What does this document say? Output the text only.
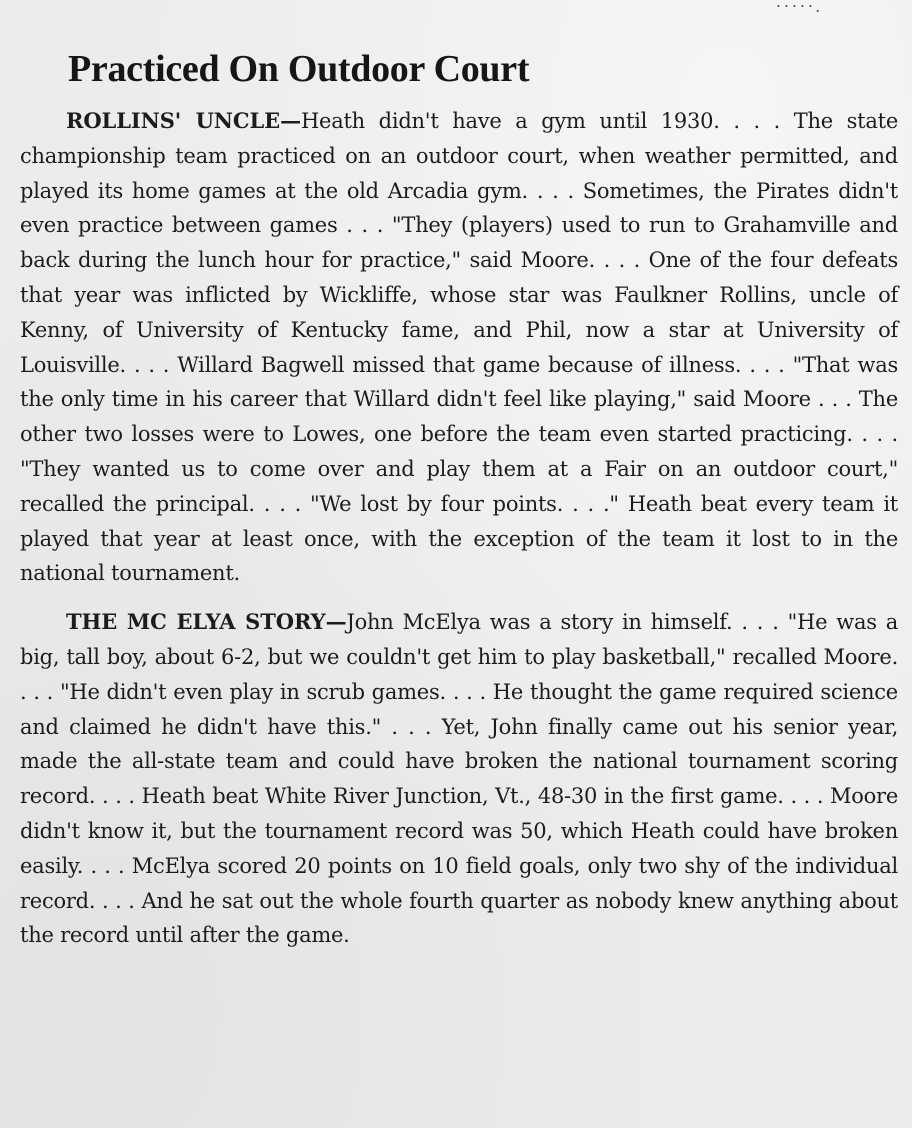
·····.
Practiced On Outdoor Court

ROLLINS' UNCLE—Heath didn't have a gym until 1930. . . . The state championship team practiced on an outdoor court, when weather permitted, and played its home games at the old Arcadia gym. . . . Sometimes, the Pirates didn't even practice between games . . . "They (players) used to run to Grahamville and back during the lunch hour for practice," said Moore. . . . One of the four defeats that year was inflicted by Wickliffe, whose star was Faulkner Rollins, uncle of Kenny, of University of Kentucky fame, and Phil, now a star at University of Louisville. . . . Willard Bagwell missed that game because of illness. . . . "That was the only time in his career that Willard didn't feel like playing," said Moore . . . The other two losses were to Lowes, one before the team even started practicing. . . . "They wanted us to come over and play them at a Fair on an outdoor court," recalled the principal. . . . "We lost by four points. . . ." Heath beat every team it played that year at least once, with the exception of the team it lost to in the national tournament.

THE MC ELYA STORY—John McElya was a story in himself. . . . "He was a big, tall boy, about 6-2, but we couldn't get him to play basketball," recalled Moore. . . . "He didn't even play in scrub games. . . . He thought the game required science and claimed he didn't have this." . . . Yet, John finally came out his senior year, made the all-state team and could have broken the national tournament scoring record. . . . Heath beat White River Junction, Vt., 48-30 in the first game. . . . Moore didn't know it, but the tournament record was 50, which Heath could have broken easily. . . . McElya scored 20 points on 10 field goals, only two shy of the individual record. . . . And he sat out the whole fourth quarter as nobody knew anything about the record until after the game.
